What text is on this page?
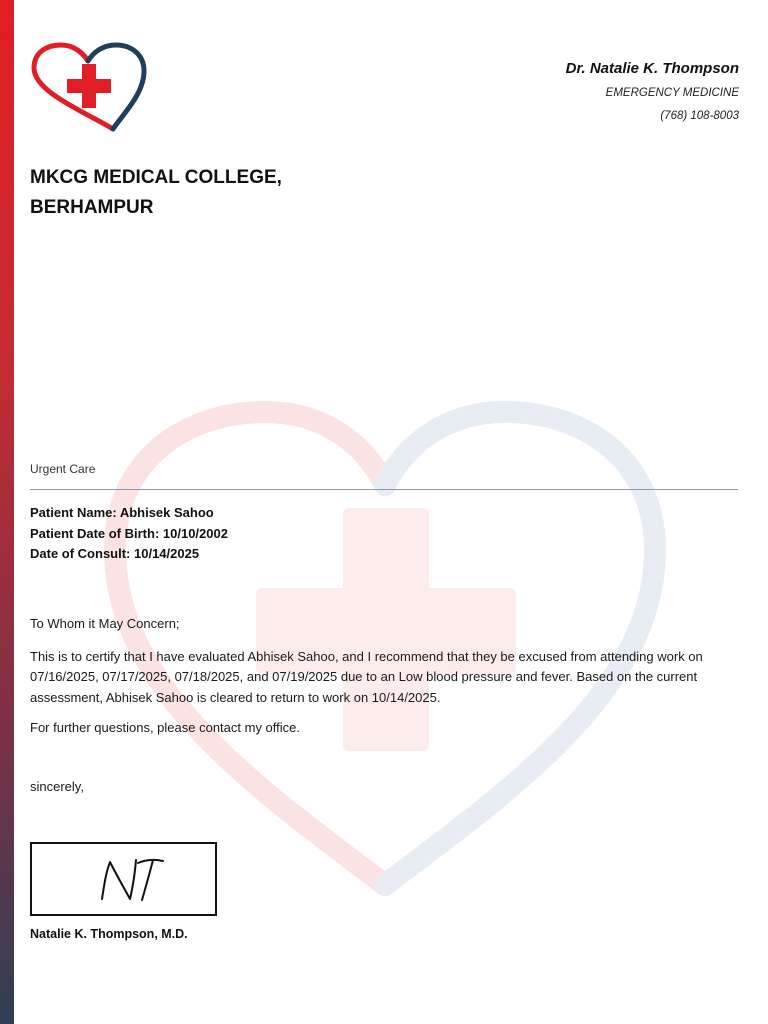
Dr. Natalie K. Thompson
EMERGENCY MEDICINE
(768) 108-8003
MKCG MEDICAL COLLEGE,
BERHAMPUR
Urgent Care
Patient Name: Abhisek Sahoo
Patient Date of Birth: 10/10/2002
Date of Consult: 10/14/2025

To Whom it May Concern;

This is to certify that I have evaluated Abhisek Sahoo, and I recommend that they be excused from attending work on 07/16/2025, 07/17/2025, 07/18/2025, and 07/19/2025 due to an Low blood pressure and fever. Based on the current assessment, Abhisek Sahoo is cleared to return to work on 10/14/2025.

For further questions, please contact my office.

sincerely,
Natalie K. Thompson, M.D.
